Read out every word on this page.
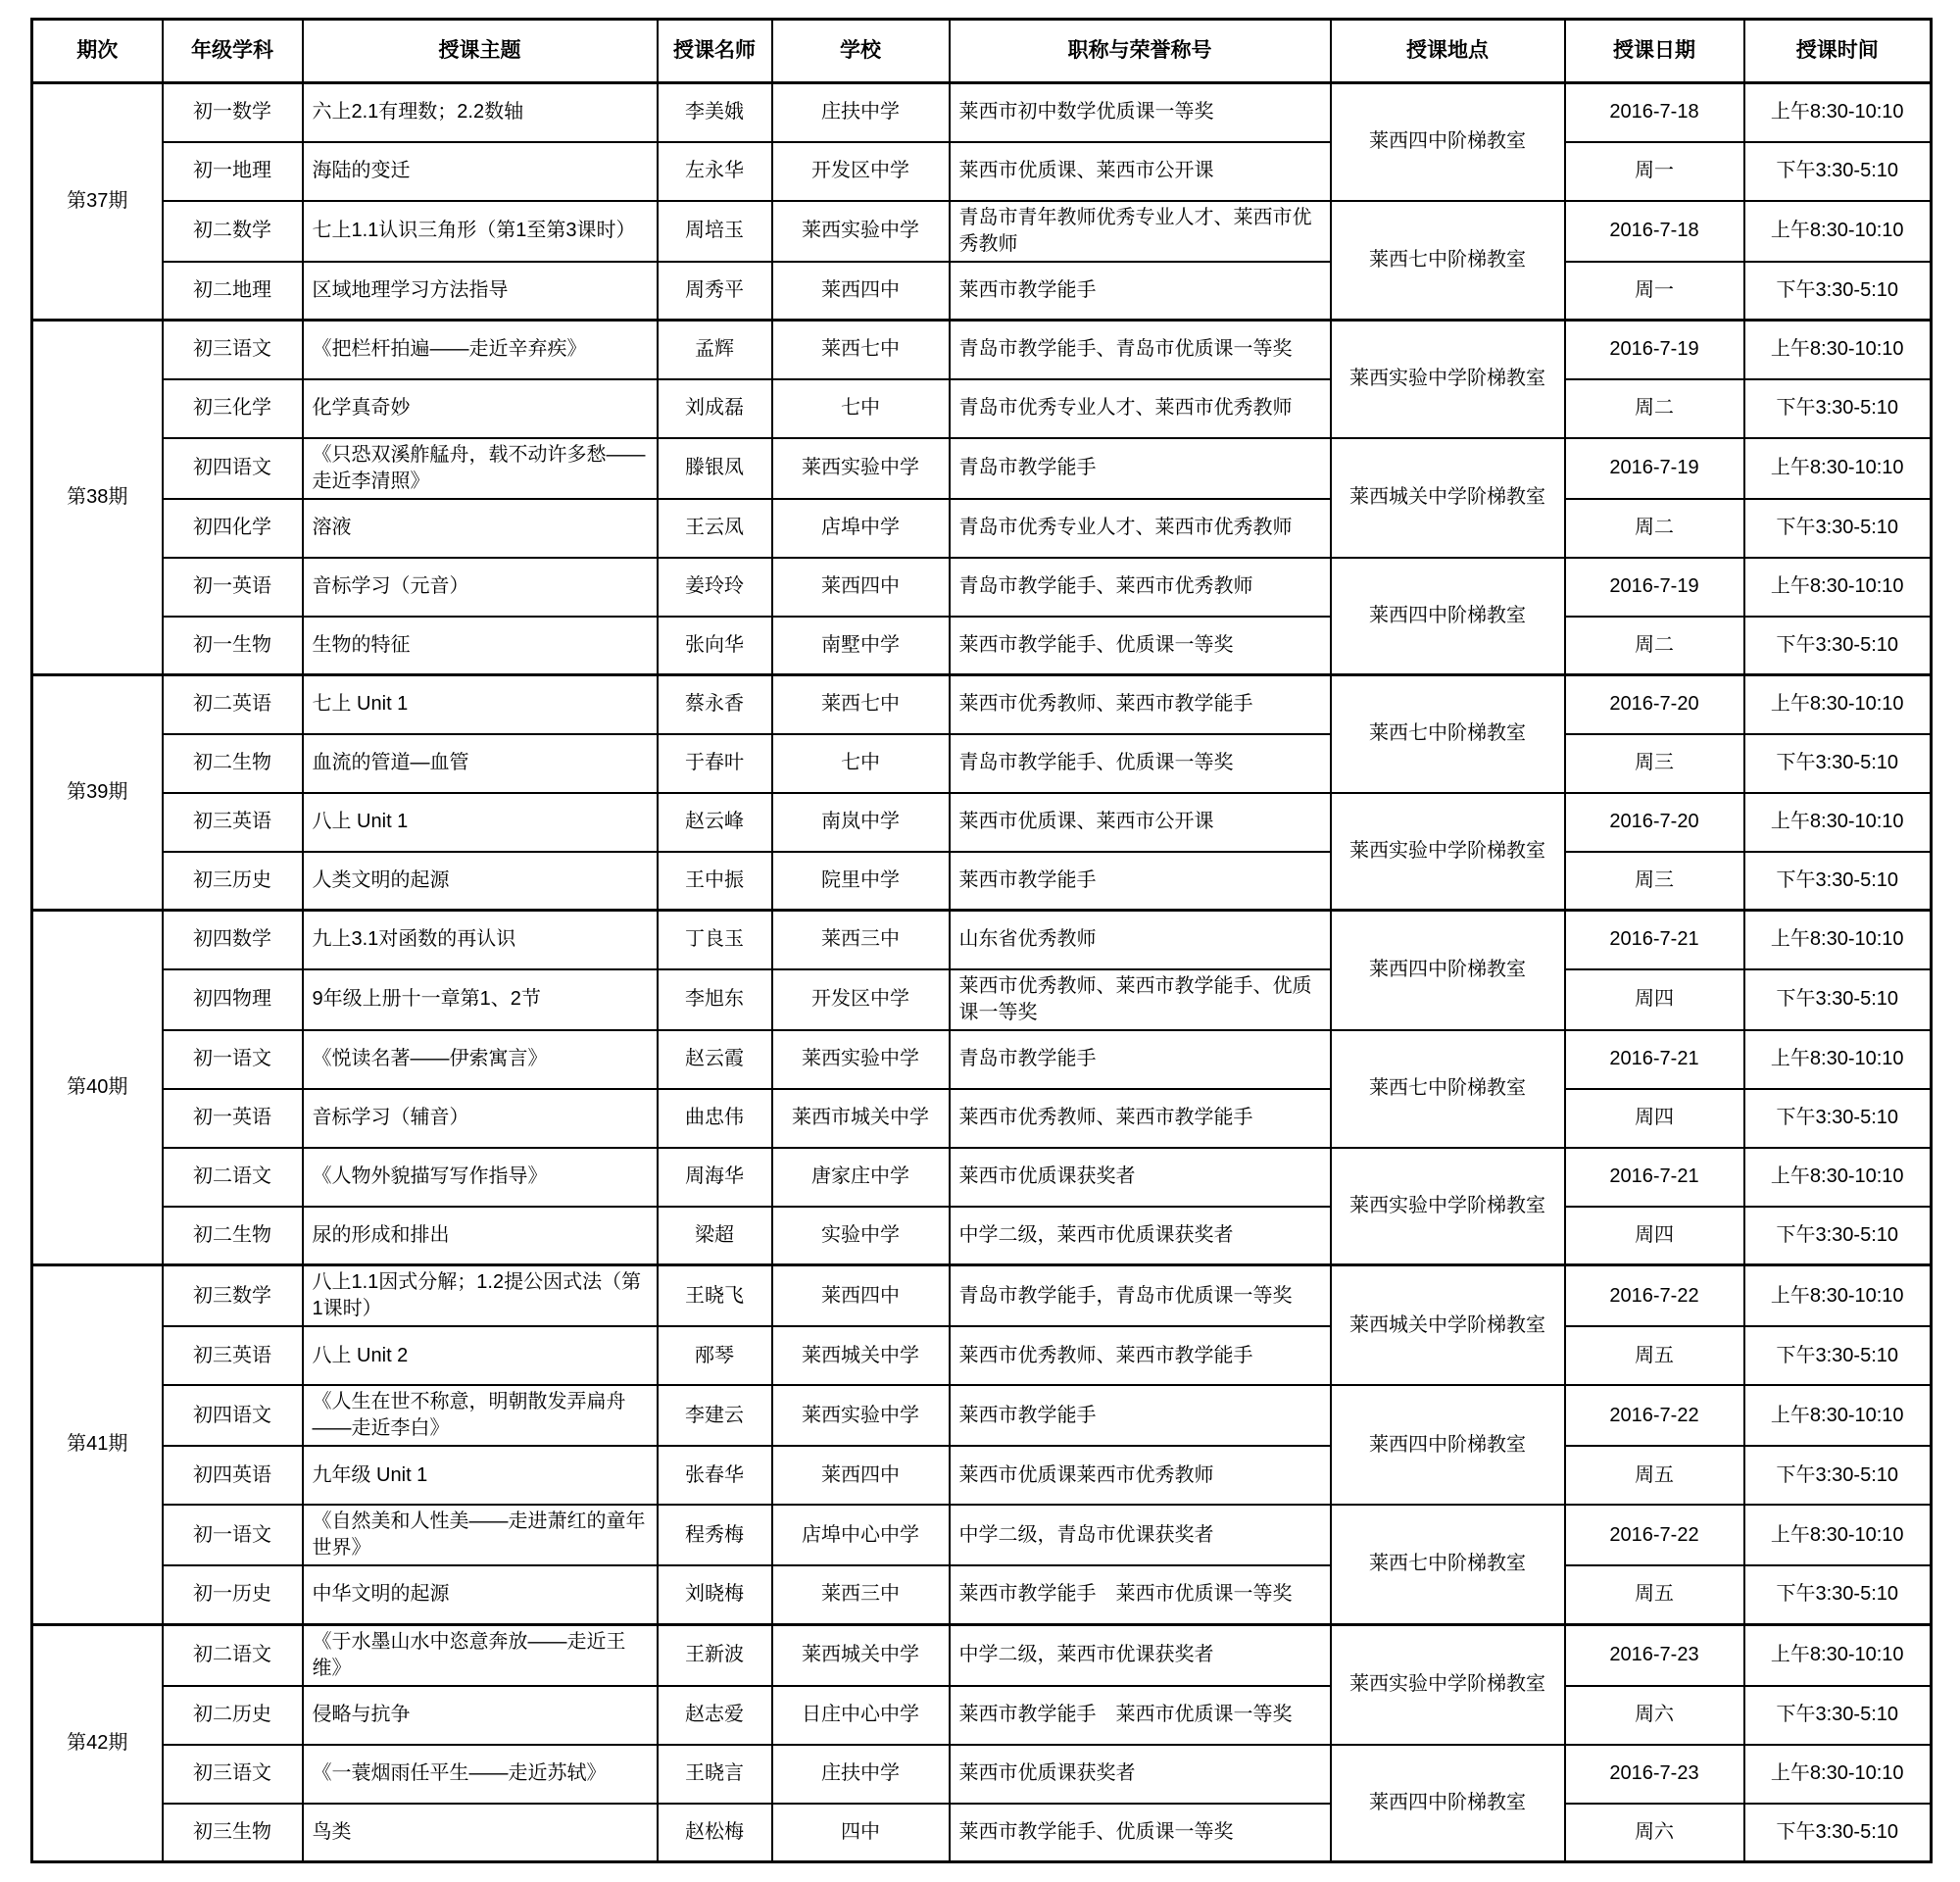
期次	年级学科	授课主题	授课名师	学校	职称与荣誉称号	授课地点	授课日期	授课时间
第37期	初一数学	六上2.1有理数；2.2数轴	李美娥	庄扶中学	莱西市初中数学优质课一等奖	莱西四中阶梯教室	2016-7-18	上午8:30-10:10
	初一地理	海陆的变迁	左永华	开发区中学	莱西市优质课、莱西市公开课		周一	下午3:30-5:10
	初二数学	七上1.1认识三角形（第1至第3课时）	周培玉	莱西实验中学	青岛市青年教师优秀专业人才、莱西市优秀教师	莱西七中阶梯教室	2016-7-18	上午8:30-10:10
	初二地理	区域地理学习方法指导	周秀平	莱西四中	莱西市教学能手		周一	下午3:30-5:10
第38期	初三语文	《把栏杆拍遍——走近辛弃疾》	孟辉	莱西七中	青岛市教学能手、青岛市优质课一等奖	莱西实验中学阶梯教室	2016-7-19	上午8:30-10:10
	初三化学	化学真奇妙	刘成磊	七中	青岛市优秀专业人才、莱西市优秀教师		周二	下午3:30-5:10
	初四语文	《只恐双溪舴艋舟，载不动许多愁——走近李清照》	滕银凤	莱西实验中学	青岛市教学能手	莱西城关中学阶梯教室	2016-7-19	上午8:30-10:10
	初四化学	溶液	王云凤	店埠中学	青岛市优秀专业人才、莱西市优秀教师		周二	下午3:30-5:10
	初一英语	音标学习（元音）	姜玲玲	莱西四中	青岛市教学能手、莱西市优秀教师	莱西四中阶梯教室	2016-7-19	上午8:30-10:10
	初一生物	生物的特征	张向华	南墅中学	莱西市教学能手、优质课一等奖		周二	下午3:30-5:10
第39期	初二英语	七上 Unit 1	蔡永香	莱西七中	莱西市优秀教师、莱西市教学能手	莱西七中阶梯教室	2016-7-20	上午8:30-10:10
	初二生物	血流的管道—血管	于春叶	七中	青岛市教学能手、优质课一等奖		周三	下午3:30-5:10
	初三英语	八上 Unit 1	赵云峰	南岚中学	莱西市优质课、莱西市公开课	莱西实验中学阶梯教室	2016-7-20	上午8:30-10:10
	初三历史	人类文明的起源	王中振	院里中学	莱西市教学能手		周三	下午3:30-5:10
第40期	初四数学	九上3.1对函数的再认识	丁良玉	莱西三中	山东省优秀教师	莱西四中阶梯教室	2016-7-21	上午8:30-10:10
	初四物理	9年级上册十一章第1、2节	李旭东	开发区中学	莱西市优秀教师、莱西市教学能手、优质课一等奖		周四	下午3:30-5:10
	初一语文	《悦读名著——伊索寓言》	赵云霞	莱西实验中学	青岛市教学能手	莱西七中阶梯教室	2016-7-21	上午8:30-10:10
	初一英语	音标学习（辅音）	曲忠伟	莱西市城关中学	莱西市优秀教师、莱西市教学能手		周四	下午3:30-5:10
	初二语文	《人物外貌描写写作指导》	周海华	唐家庄中学	莱西市优质课获奖者	莱西实验中学阶梯教室	2016-7-21	上午8:30-10:10
	初二生物	尿的形成和排出	梁超	实验中学	中学二级，莱西市优质课获奖者		周四	下午3:30-5:10
第41期	初三数学	八上1.1因式分解；1.2提公因式法（第1课时）	王晓飞	莱西四中	青岛市教学能手，青岛市优质课一等奖	莱西城关中学阶梯教室	2016-7-22	上午8:30-10:10
	初三英语	八上 Unit 2	邴琴	莱西城关中学	莱西市优秀教师、莱西市教学能手		周五	下午3:30-5:10
	初四语文	《人生在世不称意，明朝散发弄扁舟——走近李白》	李建云	莱西实验中学	莱西市教学能手	莱西四中阶梯教室	2016-7-22	上午8:30-10:10
	初四英语	九年级 Unit 1	张春华	莱西四中	莱西市优质课莱西市优秀教师		周五	下午3:30-5:10
	初一语文	《自然美和人性美——走进萧红的童年世界》	程秀梅	店埠中心中学	中学二级，青岛市优课获奖者	莱西七中阶梯教室	2016-7-22	上午8:30-10:10
	初一历史	中华文明的起源	刘晓梅	莱西三中	莱西市教学能手　莱西市优质课一等奖		周五	下午3:30-5:10
第42期	初二语文	《于水墨山水中恣意奔放——走近王维》	王新波	莱西城关中学	中学二级，莱西市优课获奖者	莱西实验中学阶梯教室	2016-7-23	上午8:30-10:10
	初二历史	侵略与抗争	赵志爱	日庄中心中学	莱西市教学能手　莱西市优质课一等奖		周六	下午3:30-5:10
	初三语文	《一蓑烟雨任平生——走近苏轼》	王晓言	庄扶中学	莱西市优质课获奖者	莱西四中阶梯教室	2016-7-23	上午8:30-10:10
	初三生物	鸟类	赵松梅	四中	莱西市教学能手、优质课一等奖		周六	下午3:30-5:10
